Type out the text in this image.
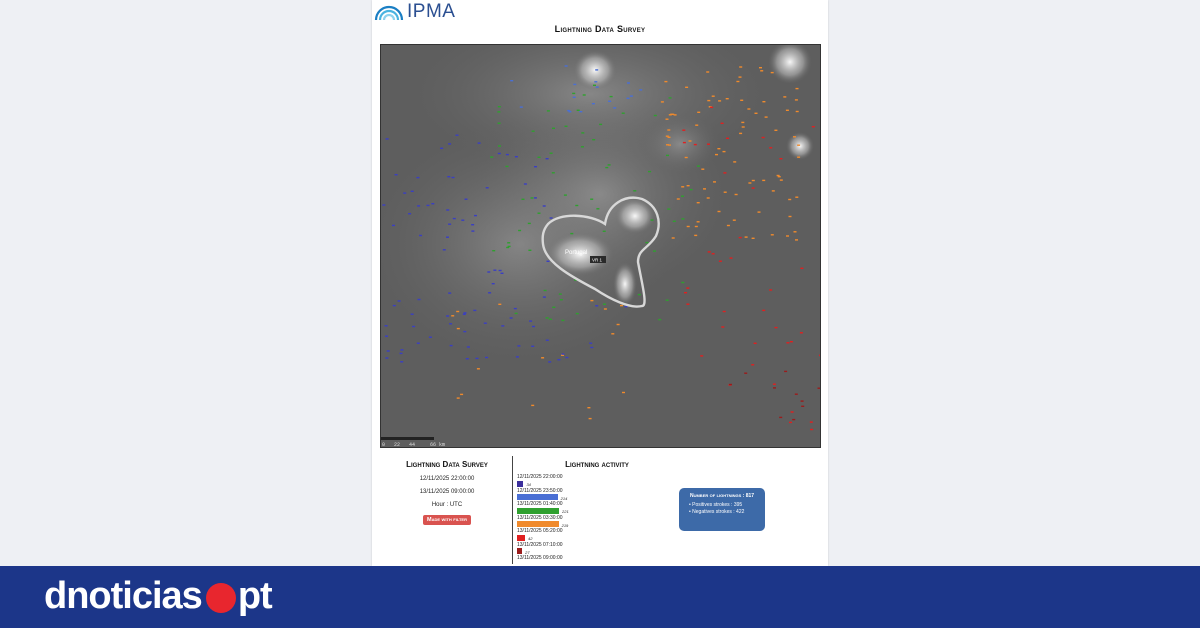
IPMA
Lightning Data Survey
Portugal
VR 1
0   22   44     66 km
Lightning Data Survey
12/11/2025 22:00:00
13/11/2025 09:00:00
Hour : UTC
Made with filter
Lightning activity
12/11/2025 22:00:00
34
12/11/2025 23:50:00
214
13/11/2025 01:40:00
221
13/11/2025 03:30:00
219
13/11/2025 05:20:00
42
13/11/2025 07:10:00
27
13/11/2025 09:00:00
Number of lightnings : 817
• Positives strokes : 395
• Negatives strokes : 422
dnoticias pt
